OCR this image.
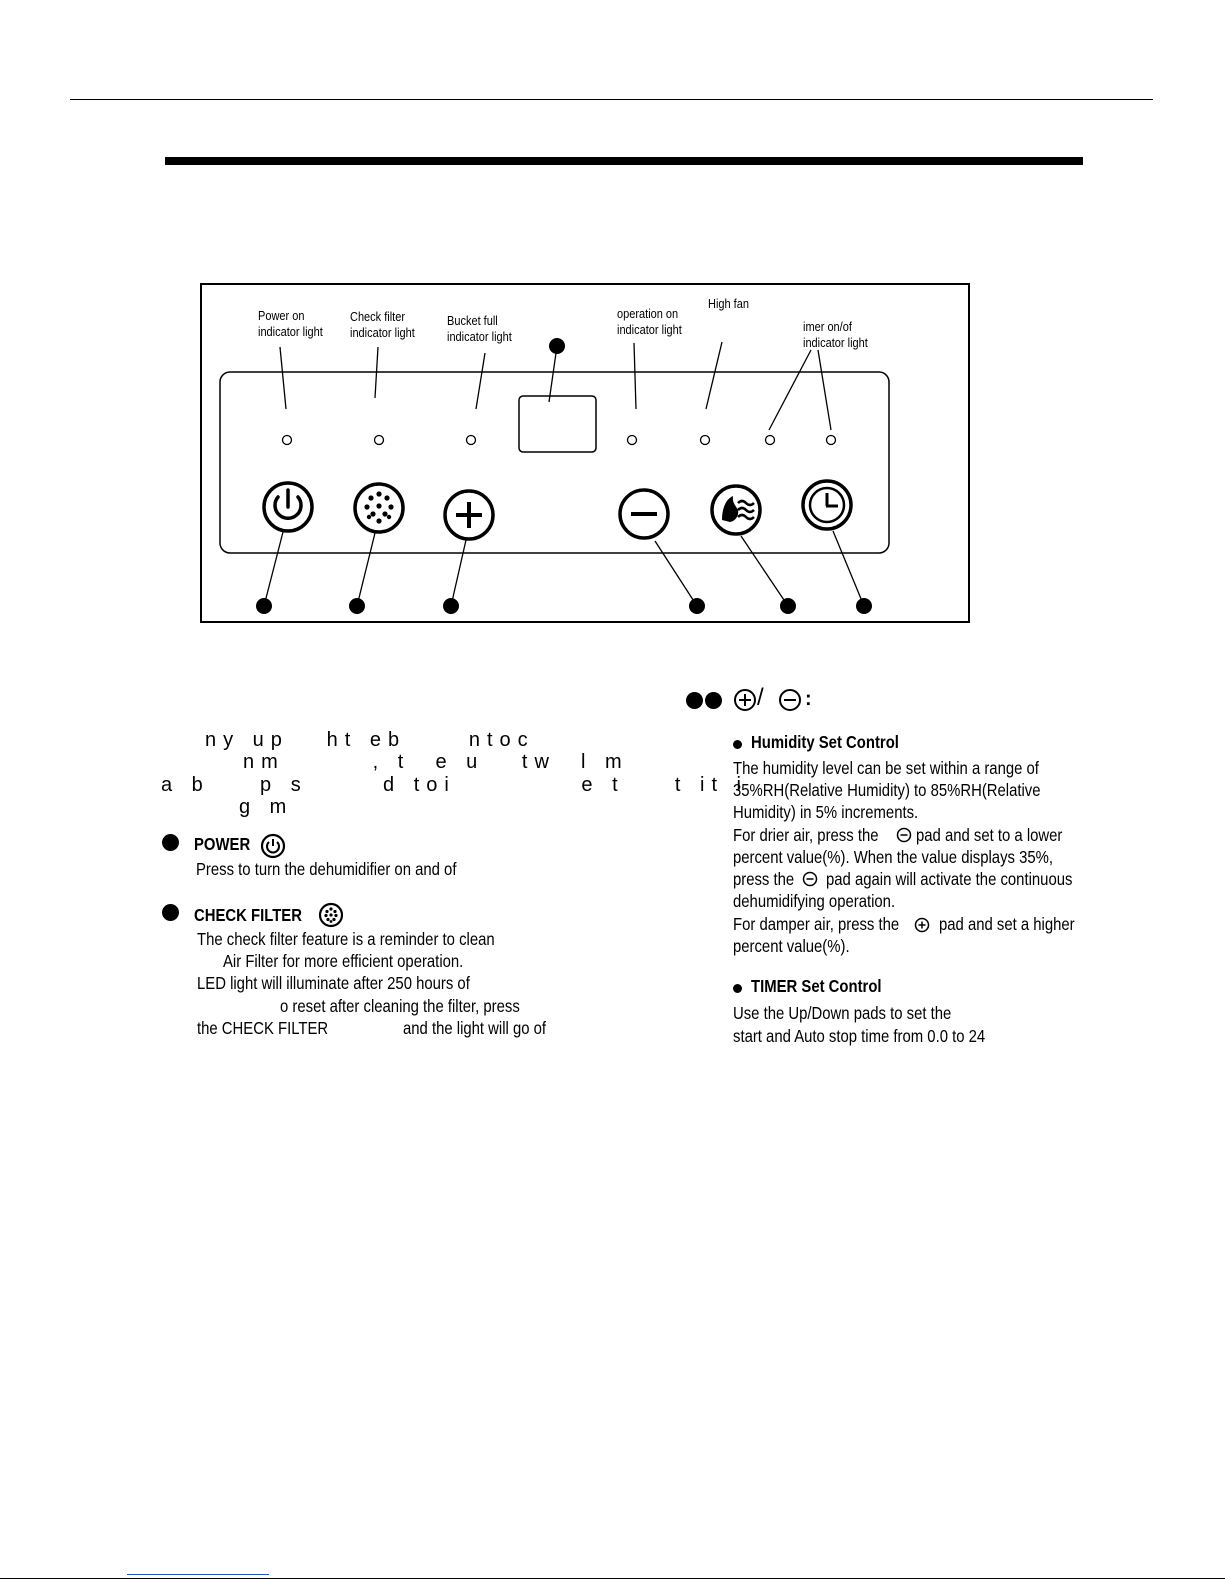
Power on
indicator light
Check filter
indicator light
Bucket full
indicator light
operation on
indicator light
High fan
imer on/of
indicator light
ny up   ht eb     ntoc
nm       , t  e u   tw  l m
a b    p s      d toi          e t    t it i
g m
POWER
Press to turn the dehumidifier on and of
CHECK FILTER
The check filter feature is a reminder to clean
Air Filter for more efficient operation.
LED light will illuminate after 250 hours of
o reset after cleaning the filter, press
the CHECK FILTER	and the light will go of
/ :
Humidity Set Control
The humidity level can be set within a range of
35%RH(Relative Humidity) to 85%RH(Relative
Humidity) in 5% increments.
For drier air, press the pad and set to a lower
percent value(%). When the value displays 35%,
press the pad again will activate the continuous
dehumidifying operation.
For damper air, press the pad and set a higher
percent value(%).
TIMER Set Control
Use the Up/Down pads to set the
start and Auto stop time from 0.0 to 24
